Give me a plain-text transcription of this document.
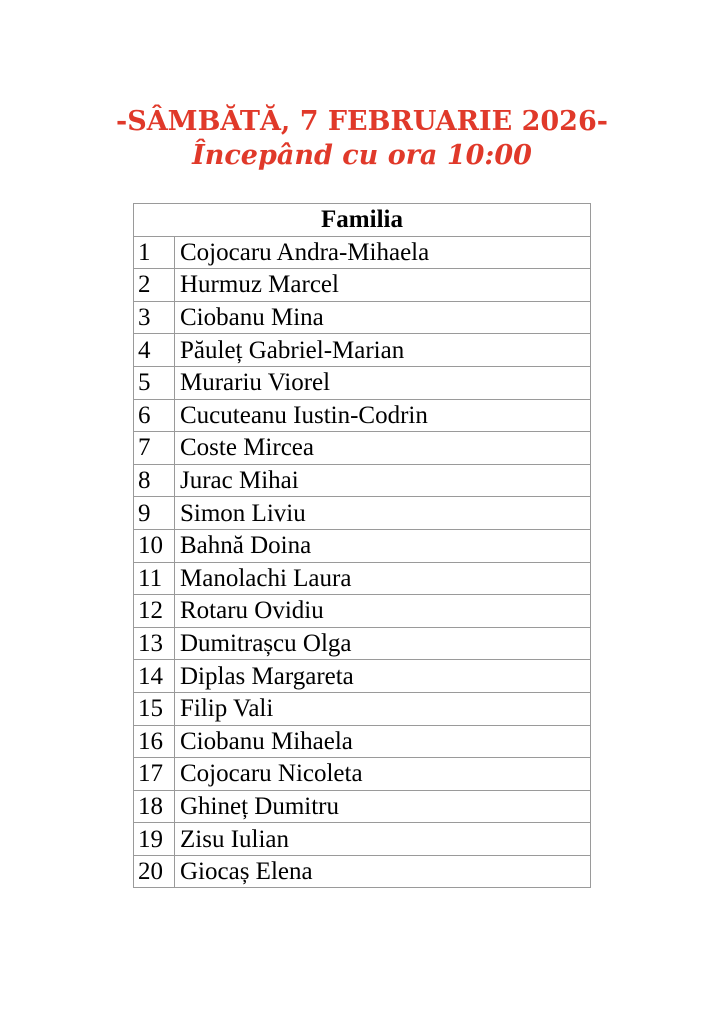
-SÂMBĂTĂ, 7 FEBRUARIE 2026-
Începând cu ora 10:00
Familia	
1	Cojocaru Andra-Mihaela
2	Hurmuz Marcel
3	Ciobanu Mina
4	Păuleț Gabriel-Marian
5	Murariu Viorel
6	Cucuteanu Iustin-Codrin
7	Coste Mircea
8	Jurac Mihai
9	Simon Liviu
10	Bahnă Doina
11	Manolachi Laura
12	Rotaru Ovidiu
13	Dumitrașcu Olga
14	Diplas Margareta
15	Filip Vali
16	Ciobanu Mihaela
17	Cojocaru Nicoleta
18	Ghineț Dumitru
19	Zisu Iulian
20	Giocaș Elena
